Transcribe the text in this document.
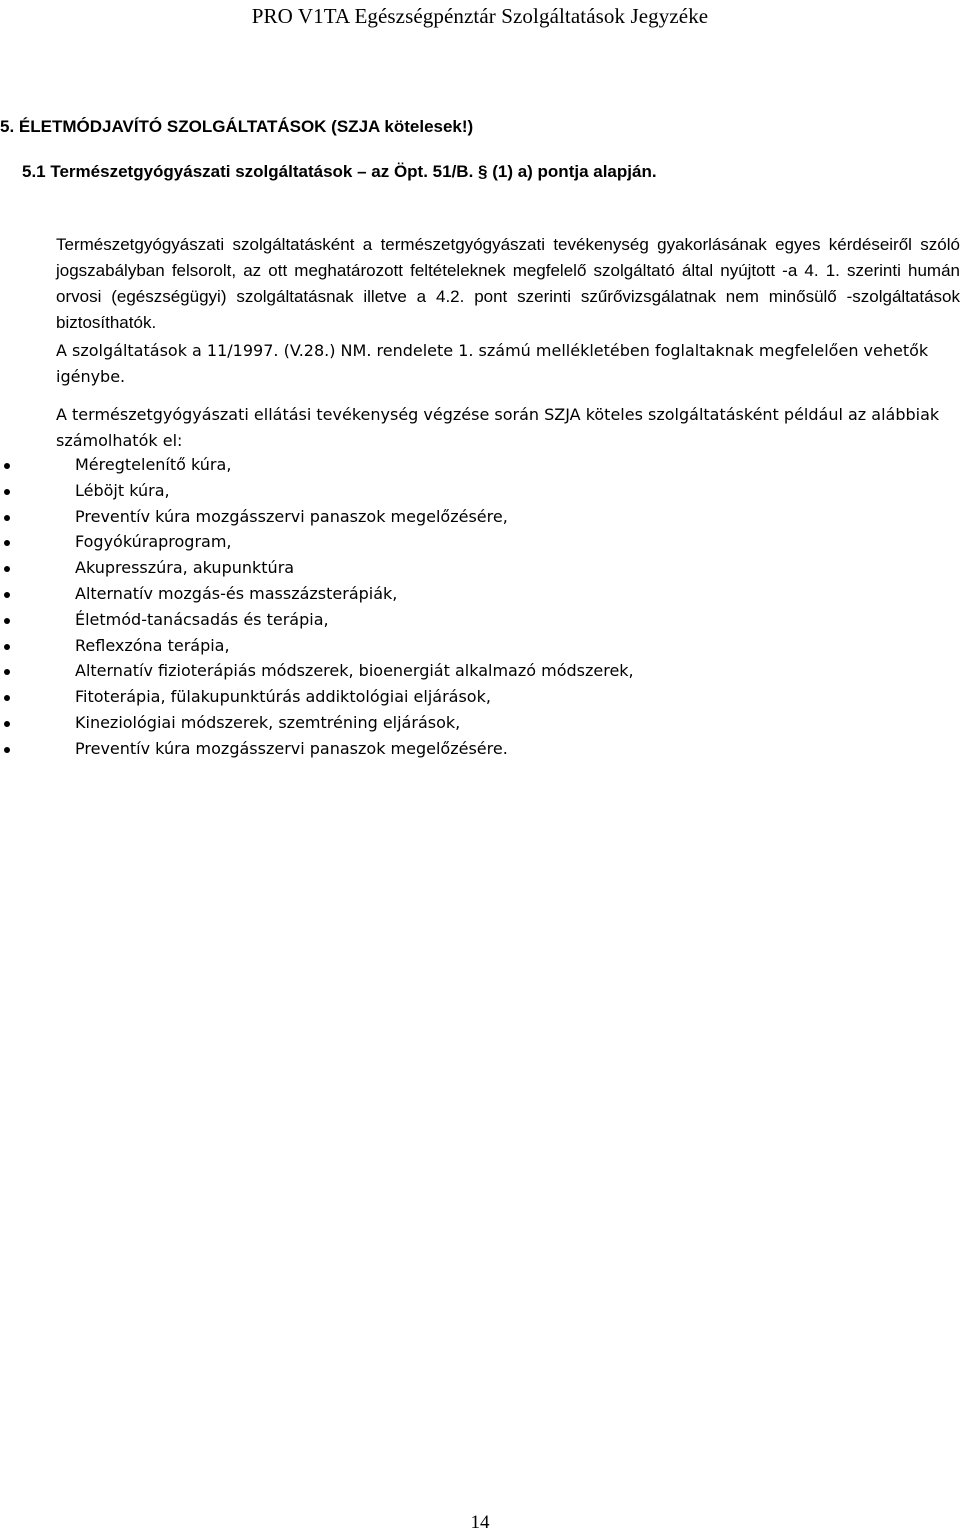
PRO V1TA Egészségpénztár Szolgáltatások Jegyzéke
5. ÉLETMÓDJAVÍTÓ SZOLGÁLTATÁSOK (SZJA kötelesek!)
5.1 Természetgyógyászati szolgáltatások – az Öpt. 51/B. § (1) a) pontja alapján.
Természetgyógyászati szolgáltatásként a természetgyógyászati tevékenység gyakorlásának egyes kérdéseiről szóló jogszabályban felsorolt, az ott meghatározott feltételeknek megfelelő szolgáltató által nyújtott -a 4. 1. szerinti humán orvosi (egészségügyi) szolgáltatásnak illetve a 4.2. pont szerinti szűrővizsgálatnak nem minősülő -szolgáltatások biztosíthatók.
A szolgáltatások a 11/1997. (V.28.) NM. rendelete 1. számú mellékletében foglaltaknak megfelelően vehetők igénybe.
A természetgyógyászati ellátási tevékenység végzése során SZJA köteles szolgáltatásként például az alábbiak számolhatók el:
Méregtelenítő kúra,
Léböjt kúra,
Preventív kúra mozgásszervi panaszok megelőzésére,
Fogyókúraprogram,
Akupresszúra, akupunktúra
Alternatív mozgás-és masszázsterápiák,
Életmód-tanácsadás és terápia,
Reflexzóna terápia,
Alternatív fizioterápiás módszerek, bioenergiát alkalmazó módszerek,
Fitoterápia, fülakupunktúrás addiktológiai eljárások,
Kineziológiai módszerek, szemtréning eljárások,
Preventív kúra mozgásszervi panaszok megelőzésére.
14
